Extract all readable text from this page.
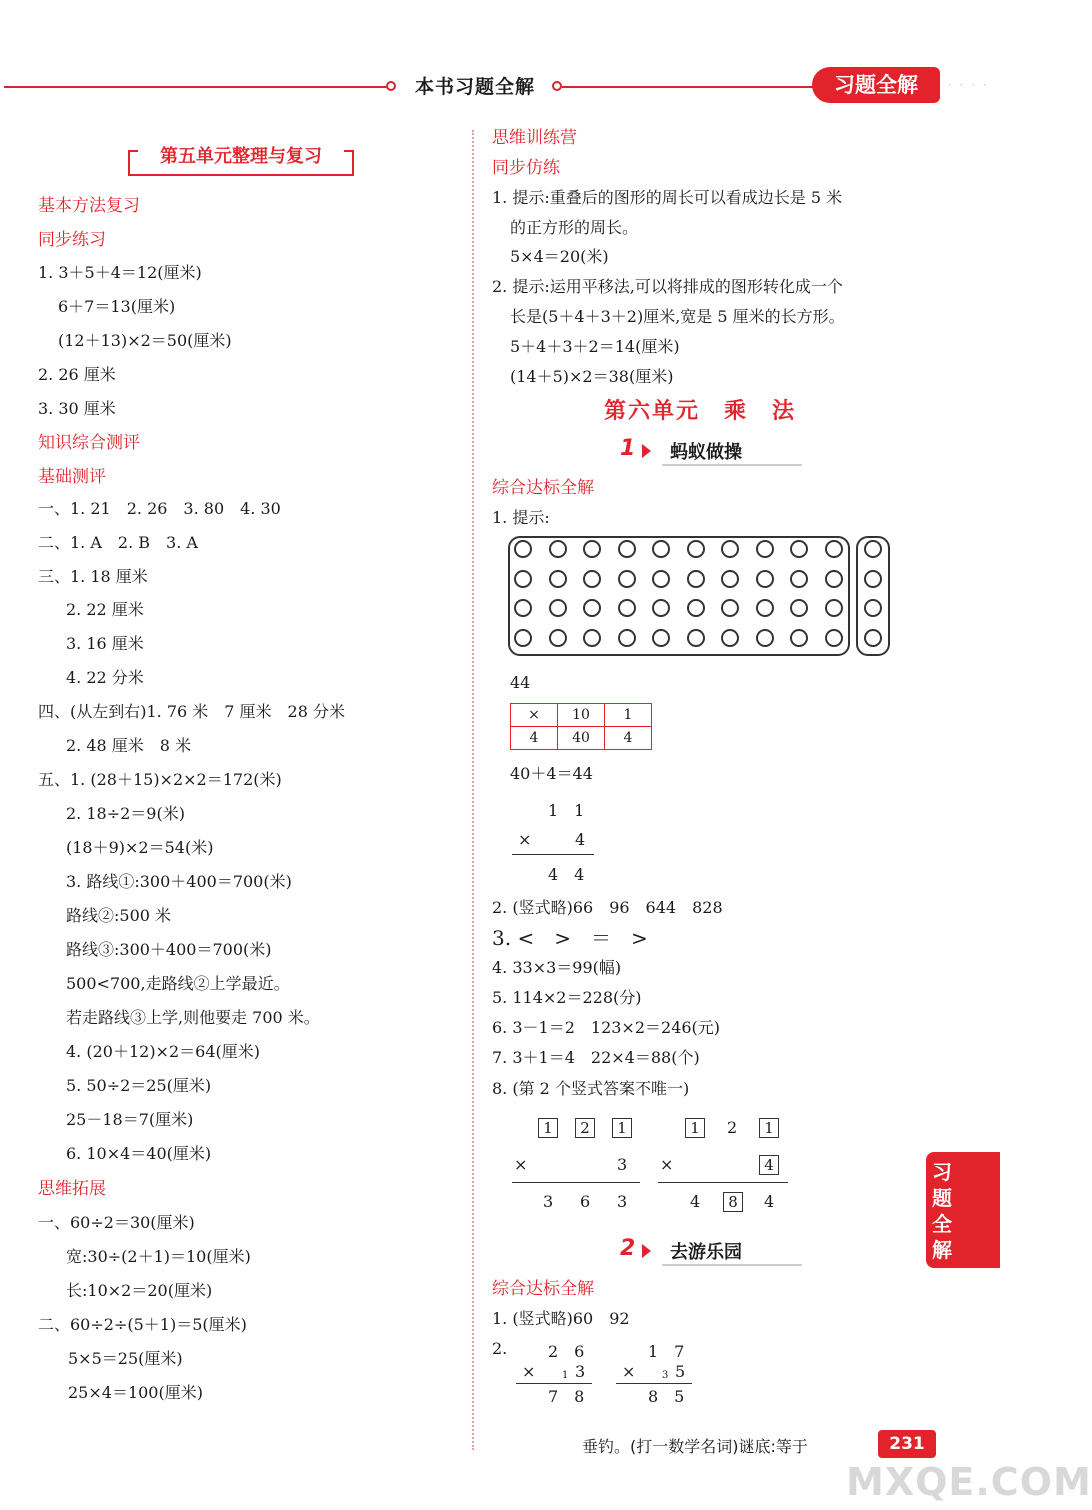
本书习题全解	习题全解	· · · ·
第五单元整理与复习
基本方法复习
同步练习
1. 3＋5＋4＝12(厘米)
6＋7＝13(厘米)
(12＋13)×2＝50(厘米)
2. 26 厘米
3. 30 厘米
知识综合测评
基础测评
一、1. 21　2. 26　3. 80　4. 30
二、1. A　2. B　3. A
三、1. 18 厘米
2. 22 厘米
3. 16 厘米
4. 22 分米
四、(从左到右)1. 76 米　7 厘米　28 分米
2. 48 厘米　8 米
五、1. (28＋15)×2×2＝172(米)
2. 18÷2＝9(米)
(18＋9)×2＝54(米)
3. 路线①:300＋400＝700(米)
路线②:500 米
路线③:300＋400＝700(米)
500<700,走路线②上学最近。
若走路线③上学,则他要走 700 米。
4. (20＋12)×2＝64(厘米)
5. 50÷2＝25(厘米)
25－18＝7(厘米)
6. 10×4＝40(厘米)
思维拓展
一、60÷2＝30(厘米)
宽:30÷(2＋1)＝10(厘米)
长:10×2＝20(厘米)
二、60÷2÷(5＋1)＝5(厘米)
5×5＝25(厘米)
25×4＝100(厘米)
思维训练营
同步仿练
1. 提示:重叠后的图形的周长可以看成边长是 5 米
的正方形的周长。
5×4＝20(米)
2. 提示:运用平移法,可以将排成的图形转化成一个
长是(5＋4＋3＋2)厘米,宽是 5 厘米的长方形。
5＋4＋3＋2＝14(厘米)
(14＋5)×2＝38(厘米)
第六单元　乘　法
1 蚂蚁做操
综合达标全解
1. 提示:
44
×	10	1
4	40	4
40＋4＝44
1　1
×	4
4　4
2. (竖式略)66　96　644　828
3. <　>　＝　>
4. 33×3＝99(幅)
5. 114×2＝228(分)
6. 3－1＝2　123×2＝246(元)
7. 3＋1＝4　22×4＝88(个)
8. (第 2 个竖式答案不唯一)
1	2	1
×	3
3 6 3
1	2	1
×	4
4	8	4
2 去游乐园
综合达标全解
1. (竖式略)60　92
2.	2　6
×	1 3
7　8
1　7
×	3 5
8　5
习
题
全
解
垂钓。(打一数学名词)谜底:等于	231
MXQE.COM
